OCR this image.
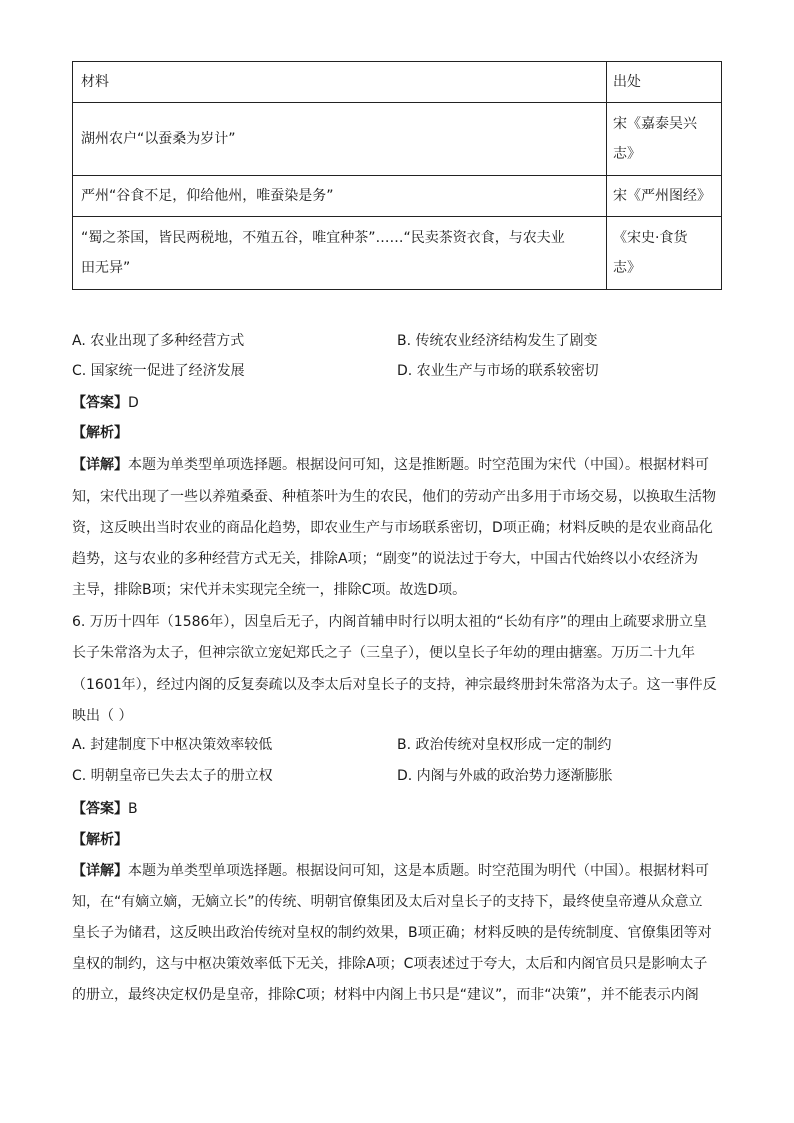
材料	出处
湖州农户“以蚕桑为岁计”	宋《嘉泰吴兴
志》
严州“谷食不足，仰给他州，唯蚕染是务”	宋《严州图经》
“蜀之茶国，皆民两税地，不殖五谷，唯宜种茶”……“民卖茶资衣食，与农夫业
田无异”	《宋史·食货
志》
A. 农业出现了多种经营方式	B. 传统农业经济结构发生了剧变
C. 国家统一促进了经济发展	D. 农业生产与市场的联系较密切
【答案】D
【解析】
【详解】本题为单类型单项选择题。根据设问可知，这是推断题。时空范围为宋代（中国）。根据材料可
知，宋代出现了一些以养殖桑蚕、种植茶叶为生的农民，他们的劳动产出多用于市场交易，以换取生活物
资，这反映出当时农业的商品化趋势，即农业生产与市场联系密切，D项正确；材料反映的是农业商品化
趋势，这与农业的多种经营方式无关，排除A项；“剧变”的说法过于夸大，中国古代始终以小农经济为
主导，排除B项；宋代并未实现完全统一，排除C项。故选D项。
6. 万历十四年（1586年），因皇后无子，内阁首辅申时行以明太祖的“长幼有序”的理由上疏要求册立皇
长子朱常洛为太子，但神宗欲立宠妃郑氏之子（三皇子），便以皇长子年幼的理由搪塞。万历二十九年
（1601年），经过内阁的反复奏疏以及李太后对皇长子的支持，神宗最终册封朱常洛为太子。这一事件反
映出（ ）
A. 封建制度下中枢决策效率较低	B. 政治传统对皇权形成一定的制约
C. 明朝皇帝已失去太子的册立权	D. 内阁与外戚的政治势力逐渐膨胀
【答案】B
【解析】
【详解】本题为单类型单项选择题。根据设问可知，这是本质题。时空范围为明代（中国）。根据材料可
知，在“有嫡立嫡，无嫡立长”的传统、明朝官僚集团及太后对皇长子的支持下，最终使皇帝遵从众意立
皇长子为储君，这反映出政治传统对皇权的制约效果，B项正确；材料反映的是传统制度、官僚集团等对
皇权的制约，这与中枢决策效率低下无关，排除A项；C项表述过于夸大，太后和内阁官员只是影响太子
的册立，最终决定权仍是皇帝，排除C项；材料中内阁上书只是“建议”，而非“决策”，并不能表示内阁
